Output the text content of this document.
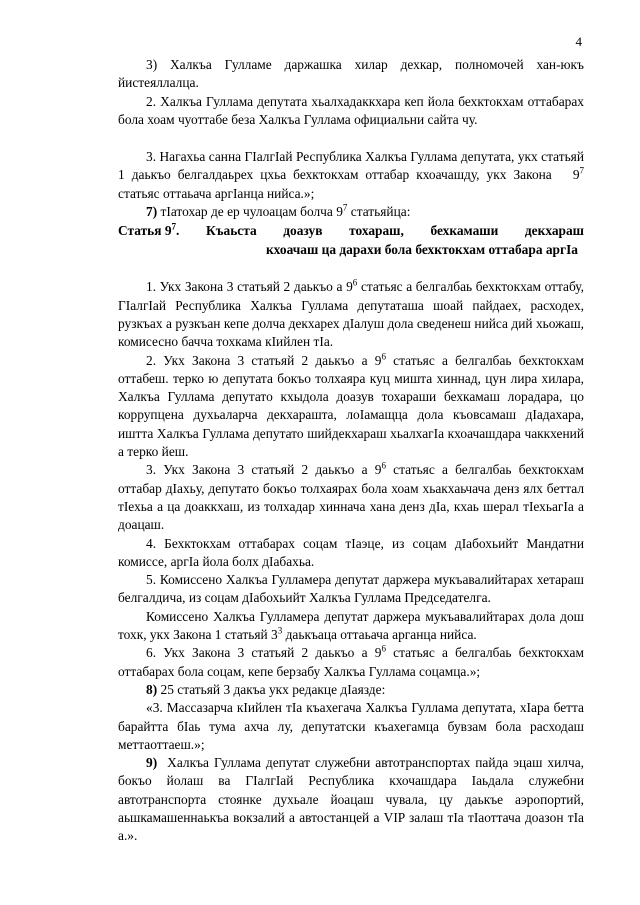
4

3) Халкъа Гулламе даржашка хилар дехкар, полномочей хан-юкъ йистеяллалца.

2. Халкъа Гуллама депутата хьалхадаккхара кеп йола бехктокхам оттабарах бола хоам чуоттабе беза Халкъа Гуллама официальни сайта чу.

3. Нагахьа санна ГIалгIай Республика Халкъа Гуллама депутата, укх статьяй 1 даькъо белгалдаьрех цхьа бехктокхам оттабар кхоачашду, укх Закона $9^7$ статьяс оттаьача аргIанца нийса.»;

7) тIатохар де ер чулоацам болча $9^7$ статьяйца:

Статья $9^7$ . Къаьста доазув тохараш, бехкамаши декхараш
кхоачаш ца дарахи бола бехктокхам оттабара аргIа

1. Укх Закона 3 статьяй 2 даькъо а $9^6$ статьяс а белгалбаь бехктокхам оттабу, ГIалгIай Республика Халкъа Гуллама депутаташа шоай пайдаех, расходех, рузкъах а рузкъан кепе долча декхарех дIалуш дола сведенеш нийса дий хьожаш, комисесно бачча тохкама кIийлен тIа.

2. Укх Закона 3 статьяй 2 даькъо а $9^6$ статьяс а белгалбаь бехктокхам оттабеш. терко ю депутата бокъо толхаяра куц мишта хиннад, цун лира хилара, Халкъа Гуллама депутато кхыдола доазув тохараши бехкамаш лорадара, цо коррупцена духьаларча декхараштa, лоIамащца дола къовсамаш дIадахара, иштта Халкъа Гуллама депутато шийдекхараш хьалхагIа кхоачашдара чаккхений а терко йеш.

3. Укх Закона 3 статьяй 2 даькъо а $9^6$ статьяс а белгалбаь бехктокхам оттабар дIахьу, депутато бокъо толхаярах бола хоам хьакхаьчача денз ялх беттал тIехьа а ца доаккхаш, из толхадар хиннача хана денз дIа, кхаь шерал тIехьагIа а доацаш.

4. Бехктокхам оттабарах соцам тIаэце, из соцам дIабохьийт Мандатни комиссе, аргIа йола болх дIабахьа.

5. Комиссено Халкъа Гулламера депутат даржера мукъавалийтарах хетараш белгалдича, из соцам дIабохьийт Халкъа Гуллама Председателга.

Комиссено Халкъа Гулламера депутат даржера мукъавалийтарах дола дош тохк, укх Закона 1 статьяй $3^3$ даькъаца оттаьача арганца нийса.

6. Укх Закона 3 статьяй 2 даькъо а $9^6$ статьяс а белгалбаь бехктокхам оттабарах бола соцам, кепе берзабу Халкъа Гуллама соцамца.»;

8) 25 статьяй 3 дакъа укх редакце дIаязде:

«3. Массазарча кIийлен тIа къахегача Халкъа Гуллама депутата, хIара бетта барайтта бIаь тума ахча лу, депутатски къахегамца бувзам бола расходаш меттаоттаеш.»;

9) Халкъа Гуллама депутат служебни автотранспортах пайда эцаш хилча, бокъо йолаш ва ГIалгIай Республика кхочашдара Iаьдала служебни автотранспорта стоянке духьале йоацаш чувала, цу даькъе аэропортий, аьшкамашеннаькъа вокзалий а автостанцей а VIP залаш тIа тIаоттача доазон тIа а.».
